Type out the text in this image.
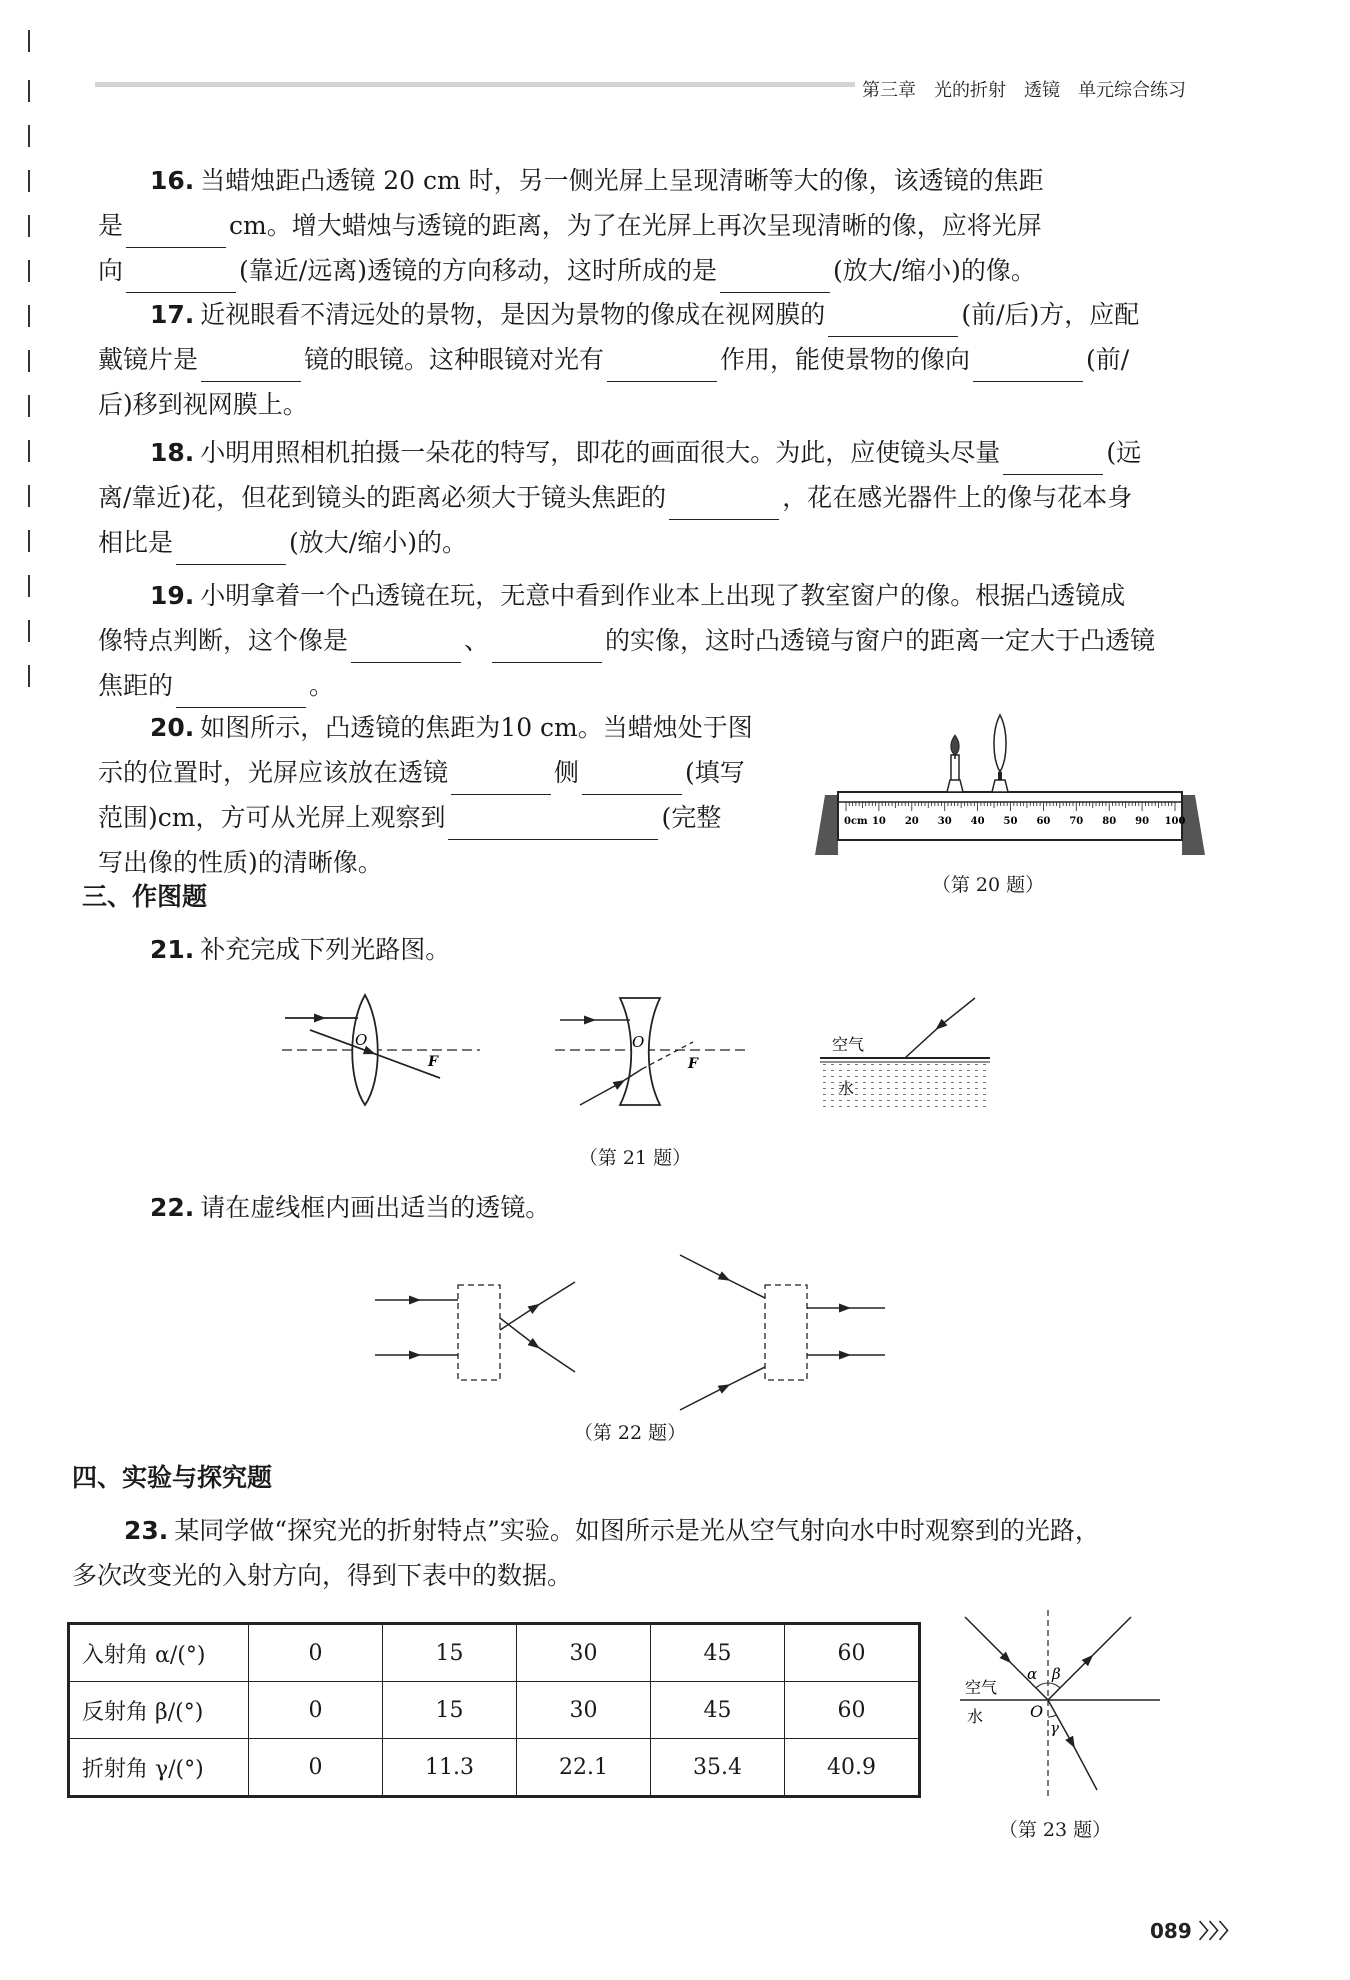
第三章　光的折射　透镜　单元综合练习

16. 当蜡烛距凸透镜 20 cm 时，另一侧光屏上呈现清晰等大的像，该透镜的焦距

是	cm。增大蜡烛与透镜的距离，为了在光屏上再次呈现清晰的像，应将光屏

向	(靠近/远离)透镜的方向移动，这时所成的是	(放大/缩小)的像。

17. 近视眼看不清远处的景物，是因为景物的像成在视网膜的	(前/后)方，应配

戴镜片是	镜的眼镜。这种眼镜对光有	作用，能使景物的像向	(前/

后)移到视网膜上。

18. 小明用照相机拍摄一朵花的特写，即花的画面很大。为此，应使镜头尽量	(远

离/靠近)花，但花到镜头的距离必须大于镜头焦距的	，花在感光器件上的像与花本身

相比是	(放大/缩小)的。

19. 小明拿着一个凸透镜在玩，无意中看到作业本上出现了教室窗户的像。根据凸透镜成

像特点判断，这个像是	、	的实像，这时凸透镜与窗户的距离一定大于凸透镜

焦距的	。

20. 如图所示，凸透镜的焦距为10 cm。当蜡烛处于图

示的位置时，光屏应该放在透镜	侧	(填写

范围)cm，方可从光屏上观察到	(完整

写出像的性质)的清晰像。

0cm 10 20 30 40 50 60 70 80 90 100
（第 20 题）
三、作图题

21. 补充完成下列光路图。

O
F
O
F
空气
水
（第 21 题）

22. 请在虚线框内画出适当的透镜。

（第 22 题）
四、实验与探究题

23. 某同学做“探究光的折射特点”实验。如图所示是光从空气射向水中时观察到的光路，

多次改变光的入射方向，得到下表中的数据。

入射角 α/(°)	0	15	30	45	60
反射角 β/(°)	0	15	30	45	60
折射角 γ/(°)	0	11.3	22.1	35.4	40.9
空气
水	O
α β
γ
（第 23 题）
089 〉〉〉
